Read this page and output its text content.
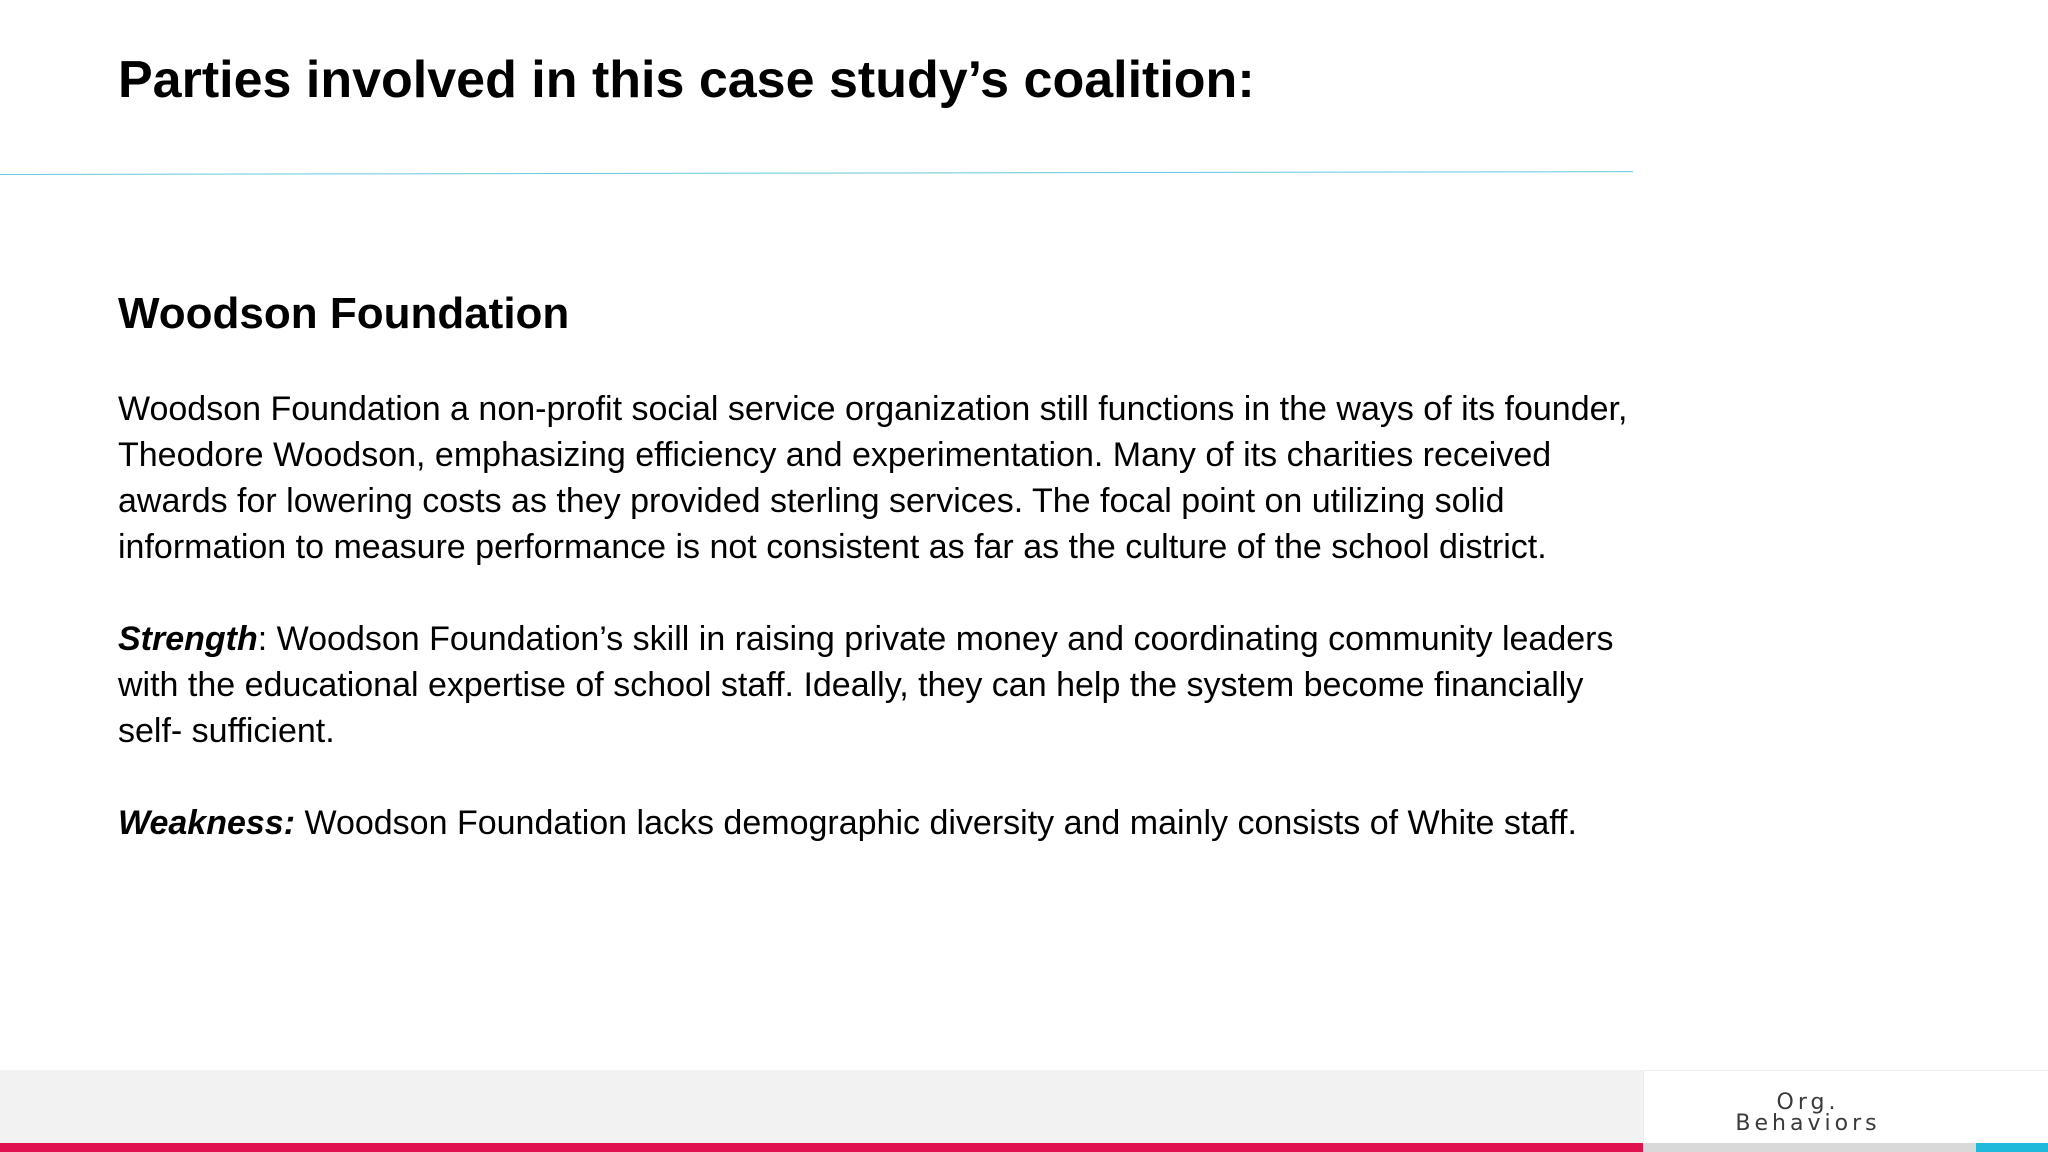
Parties involved in this case study’s coalition:
Woodson Foundation

Woodson Foundation a non-profit social service organization still functions in the ways of its founder,

Theodore Woodson, emphasizing efficiency and experimentation. Many of its charities received

awards for lowering costs as they provided sterling services. The focal point on utilizing solid

information to measure performance is not consistent as far as the culture of the school district.

Strength: Woodson Foundation’s skill in raising private money and coordinating community leaders

with the educational expertise of school staff. Ideally, they can help the system become financially

self- sufficient.

Weakness: Woodson Foundation lacks demographic diversity and mainly consists of White staff.

Org.
Behaviors
